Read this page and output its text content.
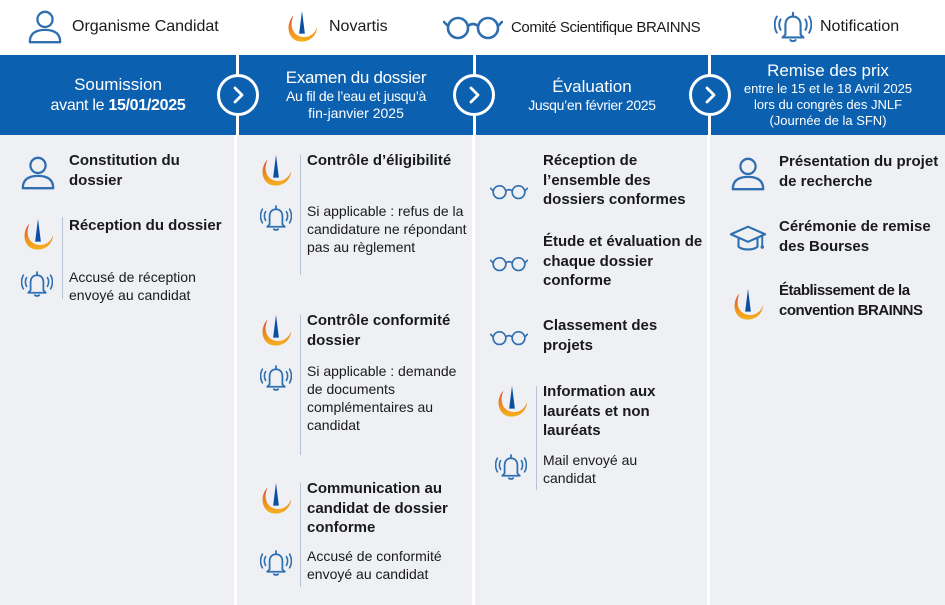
Organisme Candidat	Novartis	Comité Scientifique BRAINNS	Notification
Soumission
avant le 15/01/2025
Examen du dossier
Au fil de l’eau et jusqu’à
fin-janvier 2025
Évaluation
Jusqu’en février 2025
Remise des prix
entre le 15 et le 18 Avril 2025
lors du congrès des JNLF
(Journée de la SFN)
Constitution du dossier
Réception du dossier
Accusé de réception envoyé au candidat
Contrôle d’éligibilité
Si applicable : refus de la candidature ne répondant pas au règlement
Contrôle conformité dossier
Si applicable : demande de documents complémentaires au candidat
Communication au candidat de dossier conforme
Accusé de conformité envoyé au candidat
Réception de l’ensemble des dossiers conformes
Étude et évaluation de chaque dossier conforme
Classement des projets
Information aux lauréats et non lauréats
Mail envoyé au candidat
Présentation du projet de recherche
Cérémonie de remise des Bourses
Établissement de la convention BRAINNS
